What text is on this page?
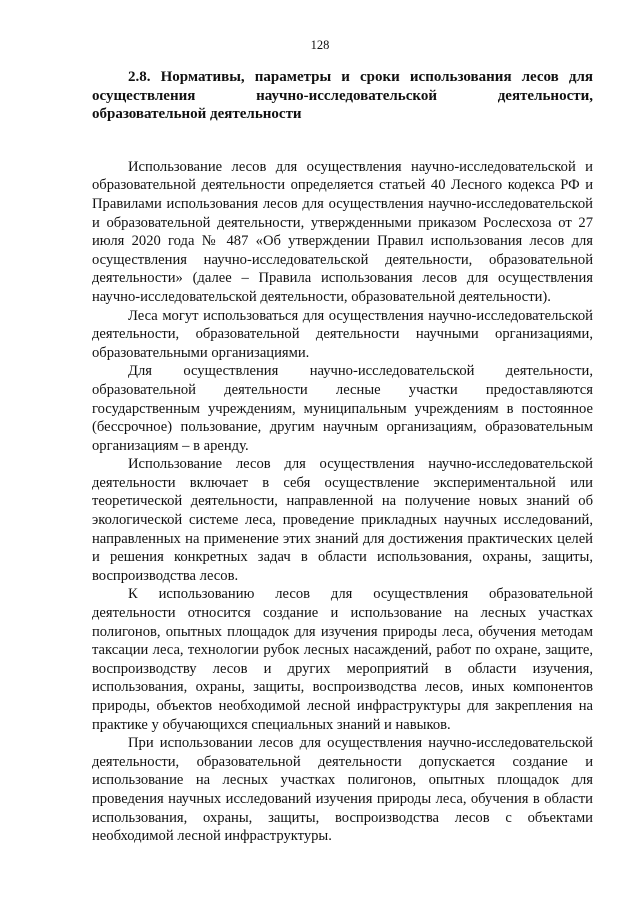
128

2.8. Нормативы, параметры и сроки использования лесов для осуществления научно-исследовательской деятельности, образовательной деятельности

Использование лесов для осуществления научно-исследовательской и образовательной деятельности определяется статьей 40 Лесного кодекса РФ и Правилами использования лесов для осуществления научно-исследовательской и образовательной деятельности, утвержденными приказом Рослесхоза от 27 июля 2020 года № 487 «Об утверждении Правил использования лесов для осуществления научно-исследовательской деятельности, образовательной деятельности» (далее – Правила использования лесов для осуществления научно-исследовательской деятельности, образовательной деятельности).

Леса могут использоваться для осуществления научно-исследовательской деятельности, образовательной деятельности научными организациями, образовательными организациями.

Для осуществления научно-исследовательской деятельности, образовательной деятельности лесные участки предоставляются государственным учреждениям, муниципальным учреждениям в постоянное (бессрочное) пользование, другим научным организациям, образовательным организациям – в аренду.

Использование лесов для осуществления научно-исследовательской деятельности включает в себя осуществление экспериментальной или теоретической деятельности, направленной на получение новых знаний об экологической системе леса, проведение прикладных научных исследований, направленных на применение этих знаний для достижения практических целей и решения конкретных задач в области использования, охраны, защиты, воспроизводства лесов.

К использованию лесов для осуществления образовательной деятельности относится создание и использование на лесных участках полигонов, опытных площадок для изучения природы леса, обучения методам таксации леса, технологии рубок лесных насаждений, работ по охране, защите, воспроизводству лесов и других мероприятий в области изучения, использования, охраны, защиты, воспроизводства лесов, иных компонентов природы, объектов необходимой лесной инфраструктуры для закрепления на практике у обучающихся специальных знаний и навыков.

При использовании лесов для осуществления научно-исследовательской деятельности, образовательной деятельности допускается создание и использование на лесных участках полигонов, опытных площадок для проведения научных исследований изучения природы леса, обучения в области использования, охраны, защиты, воспроизводства лесов с объектами необходимой лесной инфраструктуры.
